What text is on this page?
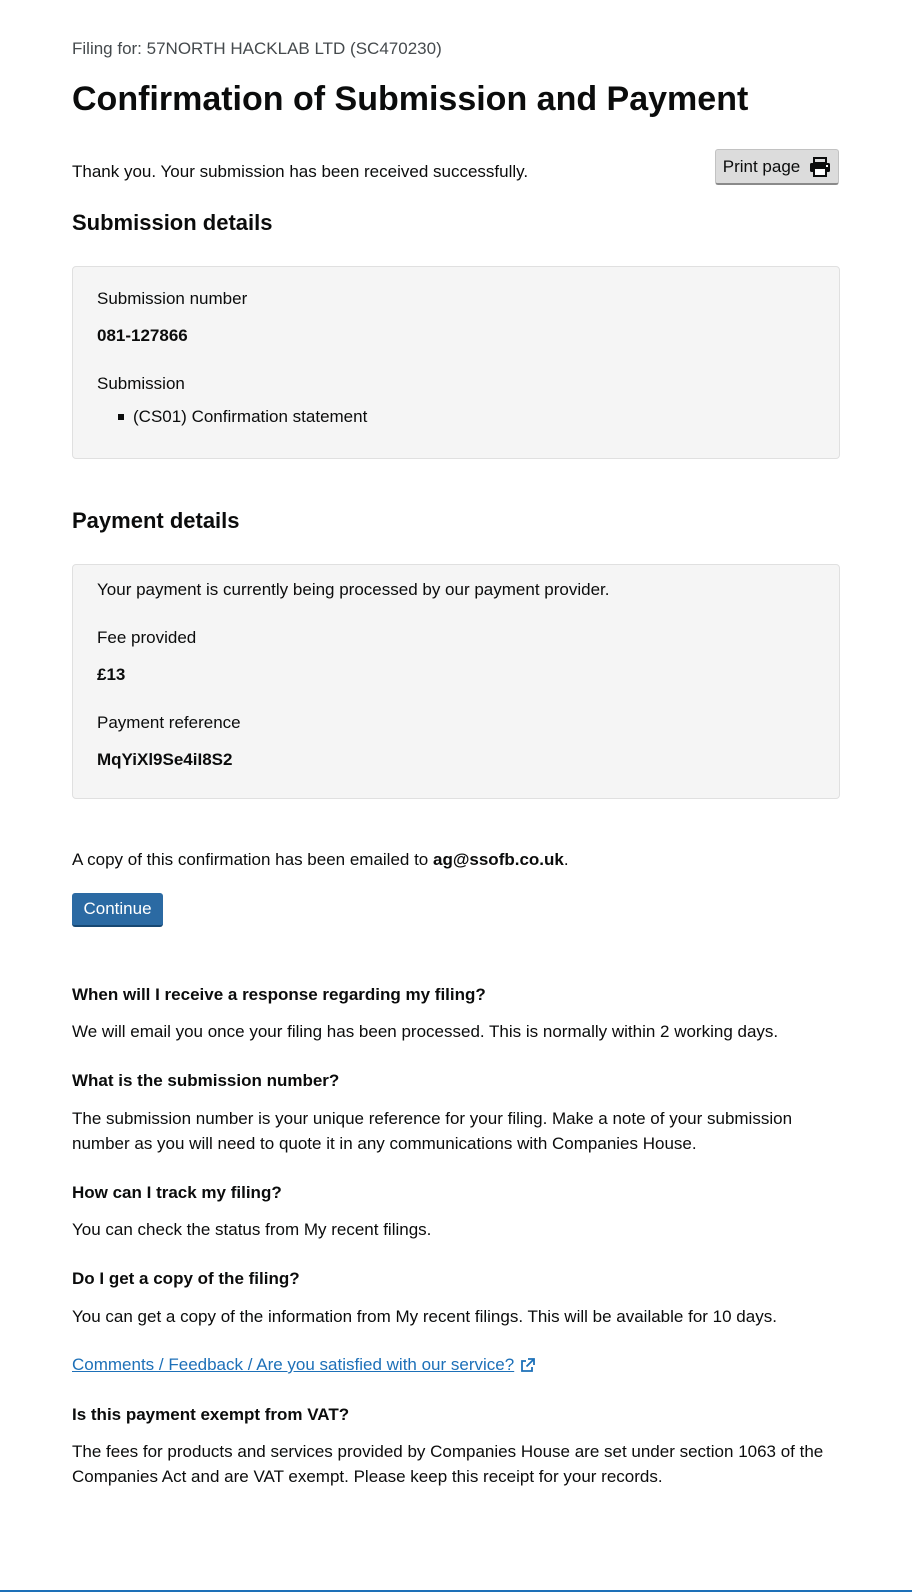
Filing for: 57NORTH HACKLAB LTD (SC470230)

Confirmation of Submission and Payment

Thank you. Your submission has been received successfully.	Print page
Submission details

Submission number

081-127866

Submission

(CS01) Confirmation statement
Payment details

Your payment is currently being processed by our payment provider.

Fee provided

£13

Payment reference

MqYiXl9Se4iI8S2

A copy of this confirmation has been emailed to ag@ssofb.co.uk.

Continue

When will I receive a response regarding my filing?

We will email you once your filing has been processed. This is normally within 2 working days.

What is the submission number?

The submission number is your unique reference for your filing. Make a note of your submission number as you will need to quote it in any communications with Companies House.

How can I track my filing?

You can check the status from My recent filings.

Do I get a copy of the filing?

You can get a copy of the information from My recent filings. This will be available for 10 days.

Comments / Feedback / Are you satisfied with our service?

Is this payment exempt from VAT?

The fees for products and services provided by Companies House are set under section 1063 of the Companies Act and are VAT exempt. Please keep this receipt for your records.
